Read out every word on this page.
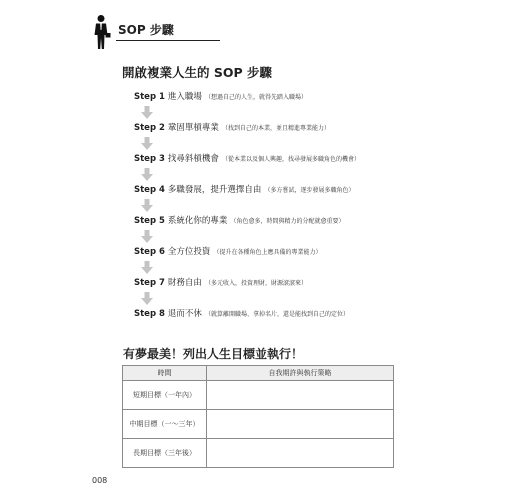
SOP 步驟
開啟複業人生的 SOP 步驟
Step 1 進入職場 （想過自己的人生，就得先踏入職場）
Step 2 鞏固單槓專業 （找到自己的本業，並且精進專業能力）
Step 3 找尋斜槓機會 （從本業以及個人興趣，找尋發展多職角色的機會）
Step 4 多職發展，提升選擇自由 （多方嘗試，逐步發展多職角色）
Step 5 系統化你的專業 （角色愈多，時間與精力的分配就愈重要）
Step 6 全方位投資 （提升在各種角色上應具備的專業能力）
Step 7 財務自由 （多元收入，投資理財，財源滾滾來）
Step 8 退而不休 （就算離開職場、拿掉名片，還是能找到自己的定位）
有夢最美！列出人生目標並執行！
時間	自我期許與執行策略
短期目標（一年內）	
中期目標（一～三年）	
長期目標（三年後）	
008
